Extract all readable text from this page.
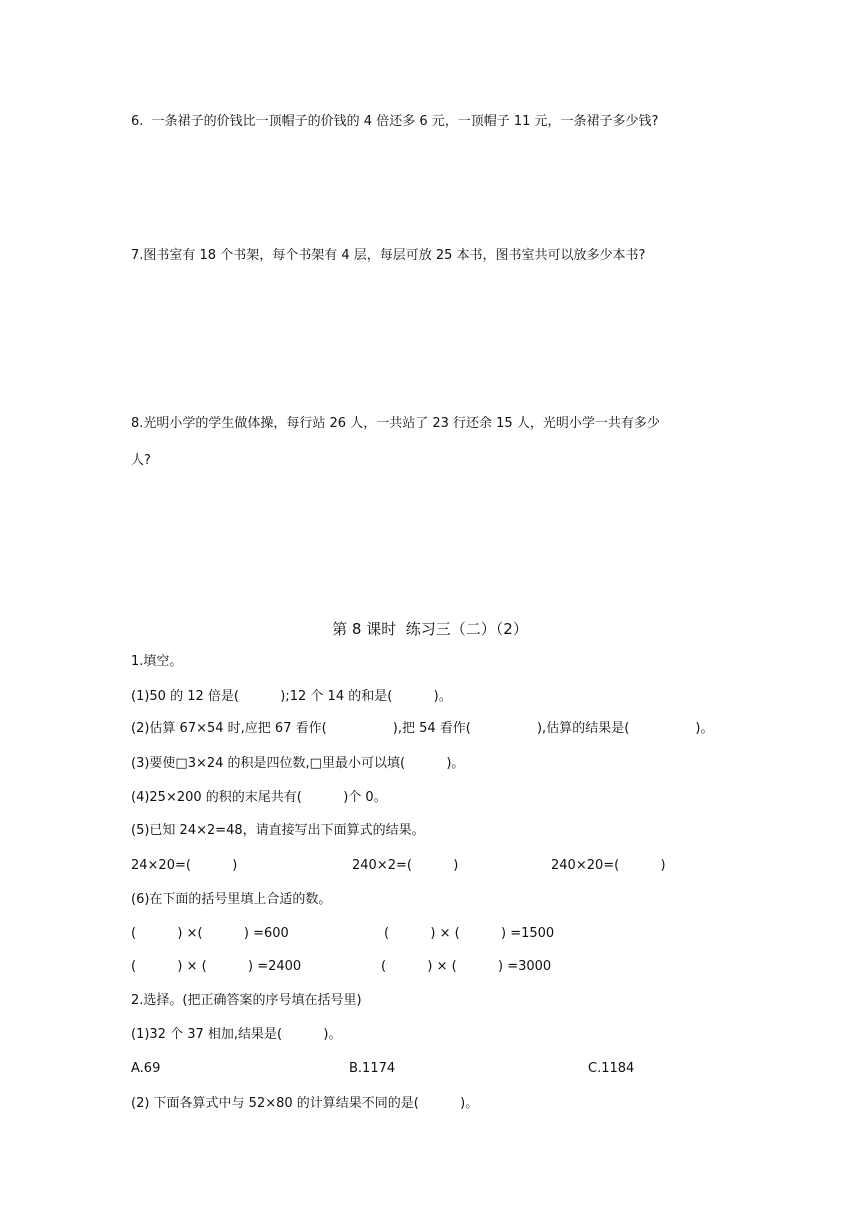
6.  一条裙子的价钱比一顶帽子的价钱的 4 倍还多 6 元，一顶帽子 11 元，一条裙子多少钱?
7.图书室有 18 个书架，每个书架有 4 层，每层可放 25 本书，图书室共可以放多少本书?
8.光明小学的学生做体操，每行站 26 人，一共站了 23 行还余 15 人，光明小学一共有多少
人?
第 8 课时  练习三（二）（2）
1.填空。
(1)50 的 12 倍是(          );12 个 14 的和是(          )。
(2)估算 67×54 时,应把 67 看作(                ),把 54 看作(                ),估算的结果是(                )。
(3)要使□3×24 的积是四位数,□里最小可以填(          )。
(4)25×200 的积的末尾共有(          )个 0。
(5)已知 24×2=48，请直接写出下面算式的结果。
24×20=(          )	240×2=(          )	240×20=(          )
(6)在下面的括号里填上合适的数。
(          ) ×(          ) =600	(          ) × (          ) =1500
(          ) × (          ) =2400	(          ) × (          ) =3000
2.选择。(把正确答案的序号填在括号里)
(1)32 个 37 相加,结果是(          )。
A.69	B.1174	C.1184
(2) 下面各算式中与 52×80 的计算结果不同的是(          )。
